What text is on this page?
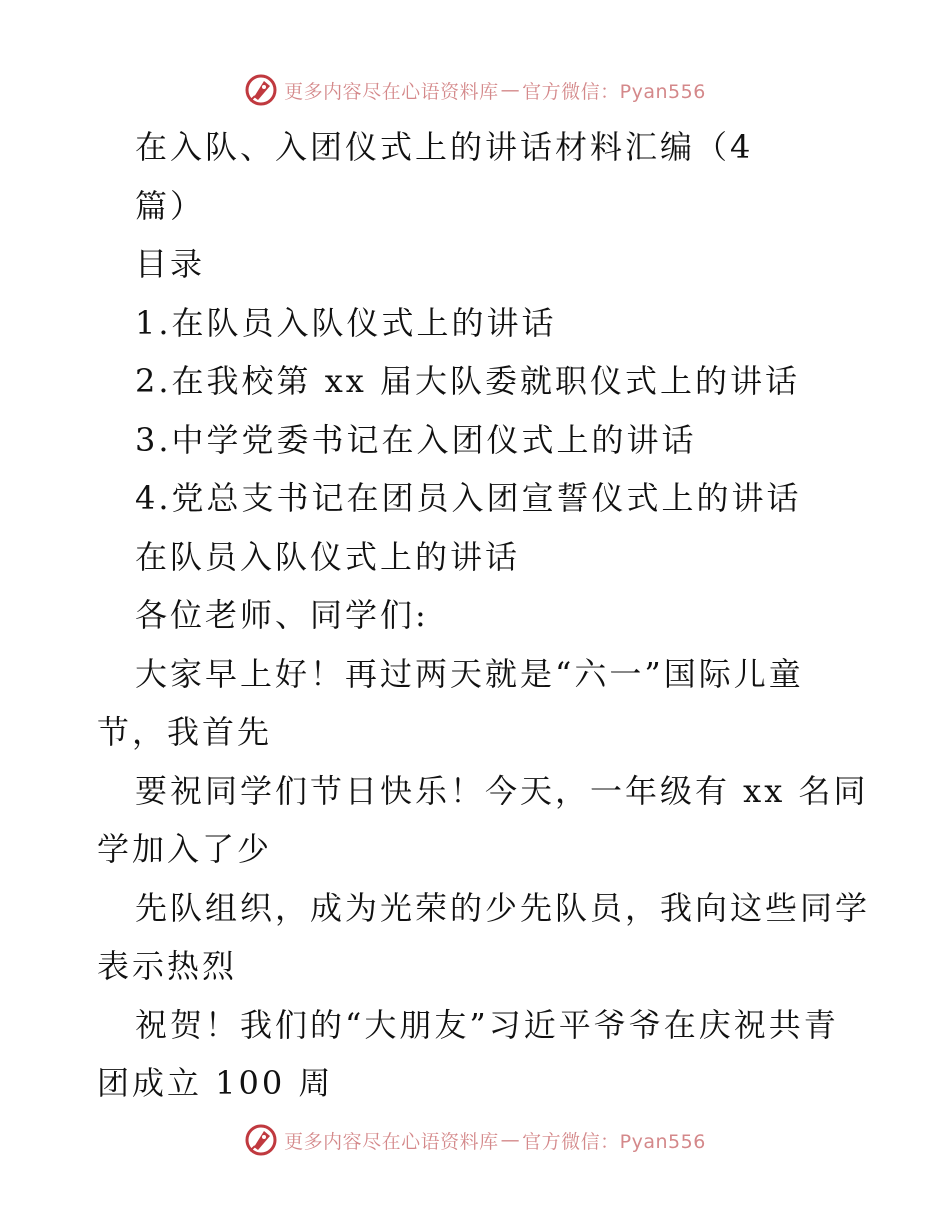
更多内容尽在心语资料库 — 官方微信：Pyan556
在入队、入团仪式上的讲话材料汇编（4
篇）
目录
1.在队员入队仪式上的讲话
2.在我校第 xx 届大队委就职仪式上的讲话
3.中学党委书记在入团仪式上的讲话
4.党总支书记在团员入团宣誓仪式上的讲话
在队员入队仪式上的讲话
各位老师、同学们:
大家早上好！再过两天就是“六一”国际儿童
节，我首先
要祝同学们节日快乐！今天，一年级有 xx 名同
学加入了少
先队组织，成为光荣的少先队员，我向这些同学
表示热烈
祝贺！我们的“大朋友”习近平爷爷在庆祝共青
团成立 100 周
更多内容尽在心语资料库 — 官方微信：Pyan556
